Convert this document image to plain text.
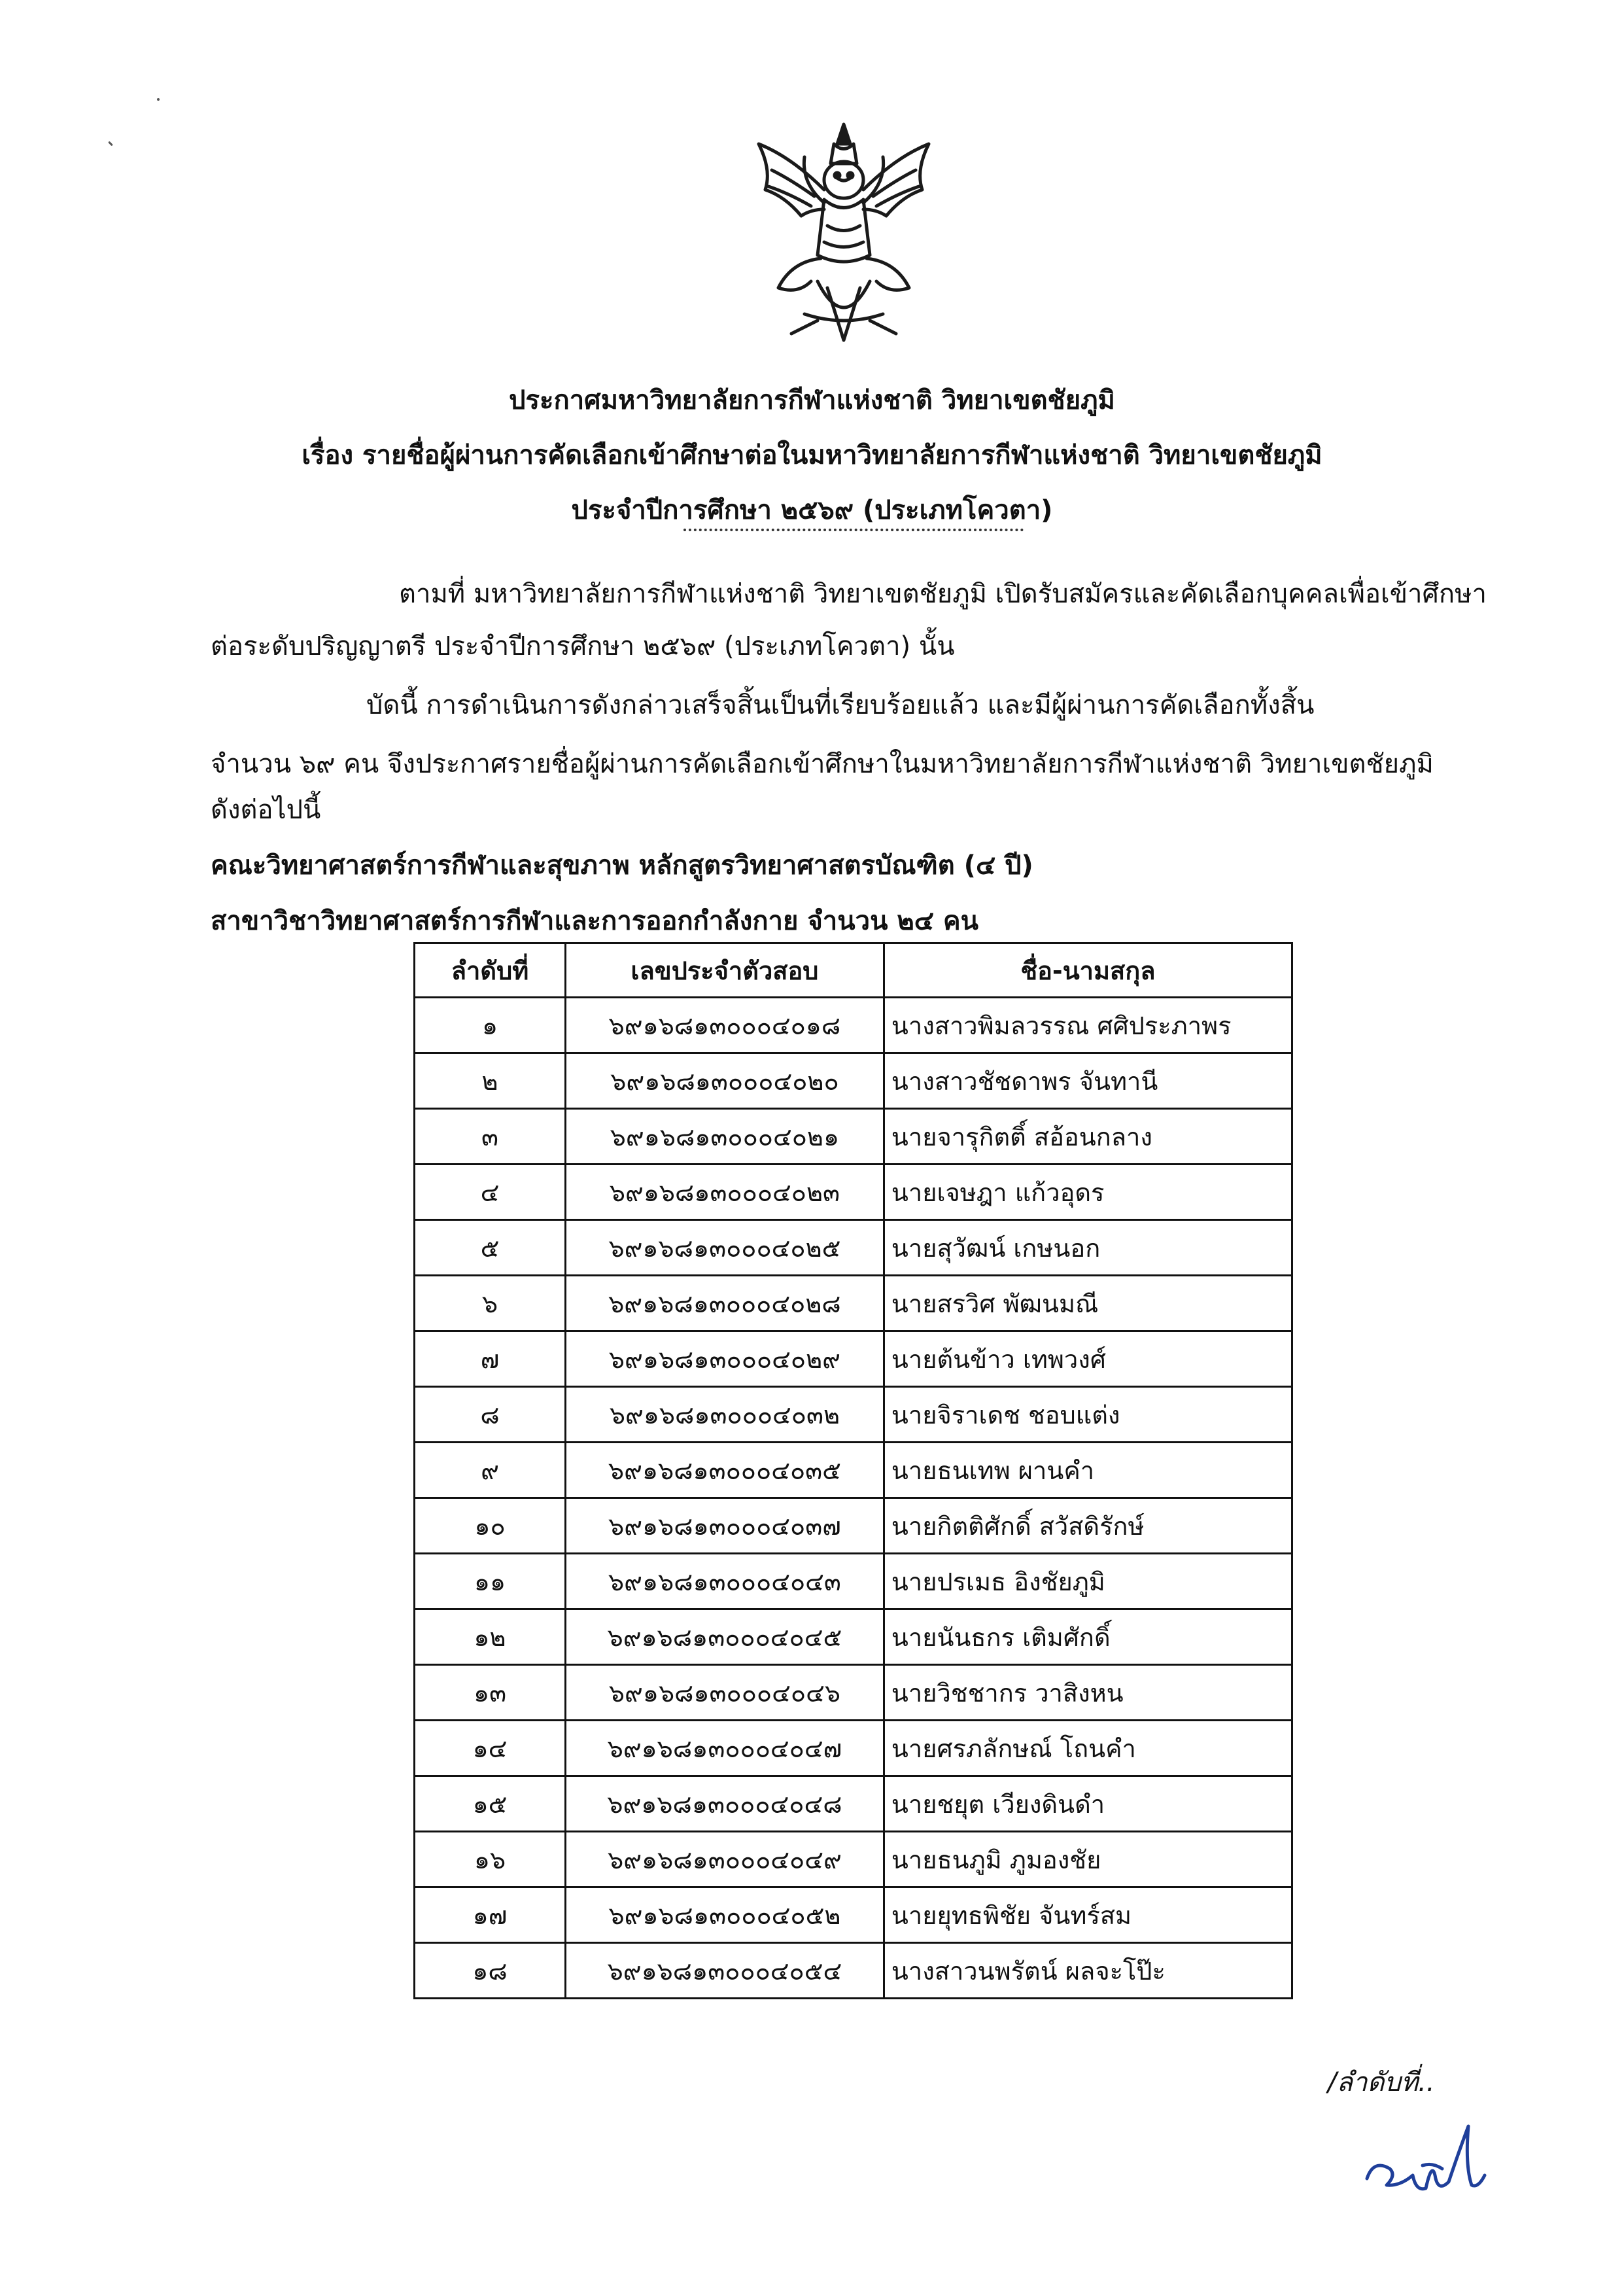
ประกาศมหาวิทยาลัยการกีฬาแห่งชาติ วิทยาเขตชัยภูมิ
เรื่อง รายชื่อผู้ผ่านการคัดเลือกเข้าศึกษาต่อในมหาวิทยาลัยการกีฬาแห่งชาติ วิทยาเขตชัยภูมิ
ประจำปีการศึกษา ๒๕๖๙ (ประเภทโควตา)
ตามที่ มหาวิทยาลัยการกีฬาแห่งชาติ วิทยาเขตชัยภูมิ เปิดรับสมัครและคัดเลือกบุคคลเพื่อเข้าศึกษา
ต่อระดับปริญญาตรี ประจำปีการศึกษา ๒๕๖๙ (ประเภทโควตา) นั้น
บัดนี้ การดำเนินการดังกล่าวเสร็จสิ้นเป็นที่เรียบร้อยแล้ว และมีผู้ผ่านการคัดเลือกทั้งสิ้น
จำนวน ๖๙ คน จึงประกาศรายชื่อผู้ผ่านการคัดเลือกเข้าศึกษาในมหาวิทยาลัยการกีฬาแห่งชาติ วิทยาเขตชัยภูมิ
ดังต่อไปนี้
คณะวิทยาศาสตร์การกีฬาและสุขภาพ หลักสูตรวิทยาศาสตรบัณฑิต (๔ ปี)
สาขาวิชาวิทยาศาสตร์การกีฬาและการออกกำลังกาย จำนวน ๒๔ คน
ลำดับที่	เลขประจำตัวสอบ	ชื่อ-นามสกุล
๑	๖๙๑๖๘๑๓๐๐๐๔๐๑๘	นางสาวพิมลวรรณ ศศิประภาพร
๒	๖๙๑๖๘๑๓๐๐๐๔๐๒๐	นางสาวชัชดาพร จันทานี
๓	๖๙๑๖๘๑๓๐๐๐๔๐๒๑	นายจารุกิตติ์ สอ้อนกลาง
๔	๖๙๑๖๘๑๓๐๐๐๔๐๒๓	นายเจษฎา แก้วอุดร
๕	๖๙๑๖๘๑๓๐๐๐๔๐๒๕	นายสุวัฒน์ เกษนอก
๖	๖๙๑๖๘๑๓๐๐๐๔๐๒๘	นายสรวิศ พัฒนมณี
๗	๖๙๑๖๘๑๓๐๐๐๔๐๒๙	นายต้นข้าว เทพวงศ์
๘	๖๙๑๖๘๑๓๐๐๐๔๐๓๒	นายจิราเดช ชอบแต่ง
๙	๖๙๑๖๘๑๓๐๐๐๔๐๓๕	นายธนเทพ ผานคำ
๑๐	๖๙๑๖๘๑๓๐๐๐๔๐๓๗	นายกิตติศักดิ์ สวัสดิรักษ์
๑๑	๖๙๑๖๘๑๓๐๐๐๔๐๔๓	นายปรเมธ อิงชัยภูมิ
๑๒	๖๙๑๖๘๑๓๐๐๐๔๐๔๕	นายนันธกร เติมศักดิ์
๑๓	๖๙๑๖๘๑๓๐๐๐๔๐๔๖	นายวิชชากร วาสิงหน
๑๔	๖๙๑๖๘๑๓๐๐๐๔๐๔๗	นายศรภลักษณ์ โถนคำ
๑๕	๖๙๑๖๘๑๓๐๐๐๔๐๔๘	นายชยุต เวียงดินดำ
๑๖	๖๙๑๖๘๑๓๐๐๐๔๐๔๙	นายธนภูมิ ภูมองชัย
๑๗	๖๙๑๖๘๑๓๐๐๐๔๐๕๒	นายยุทธพิชัย จันทร์สม
๑๘	๖๙๑๖๘๑๓๐๐๐๔๐๕๔	นางสาวนพรัตน์ ผลจะโป๊ะ
/ลำดับที่..
